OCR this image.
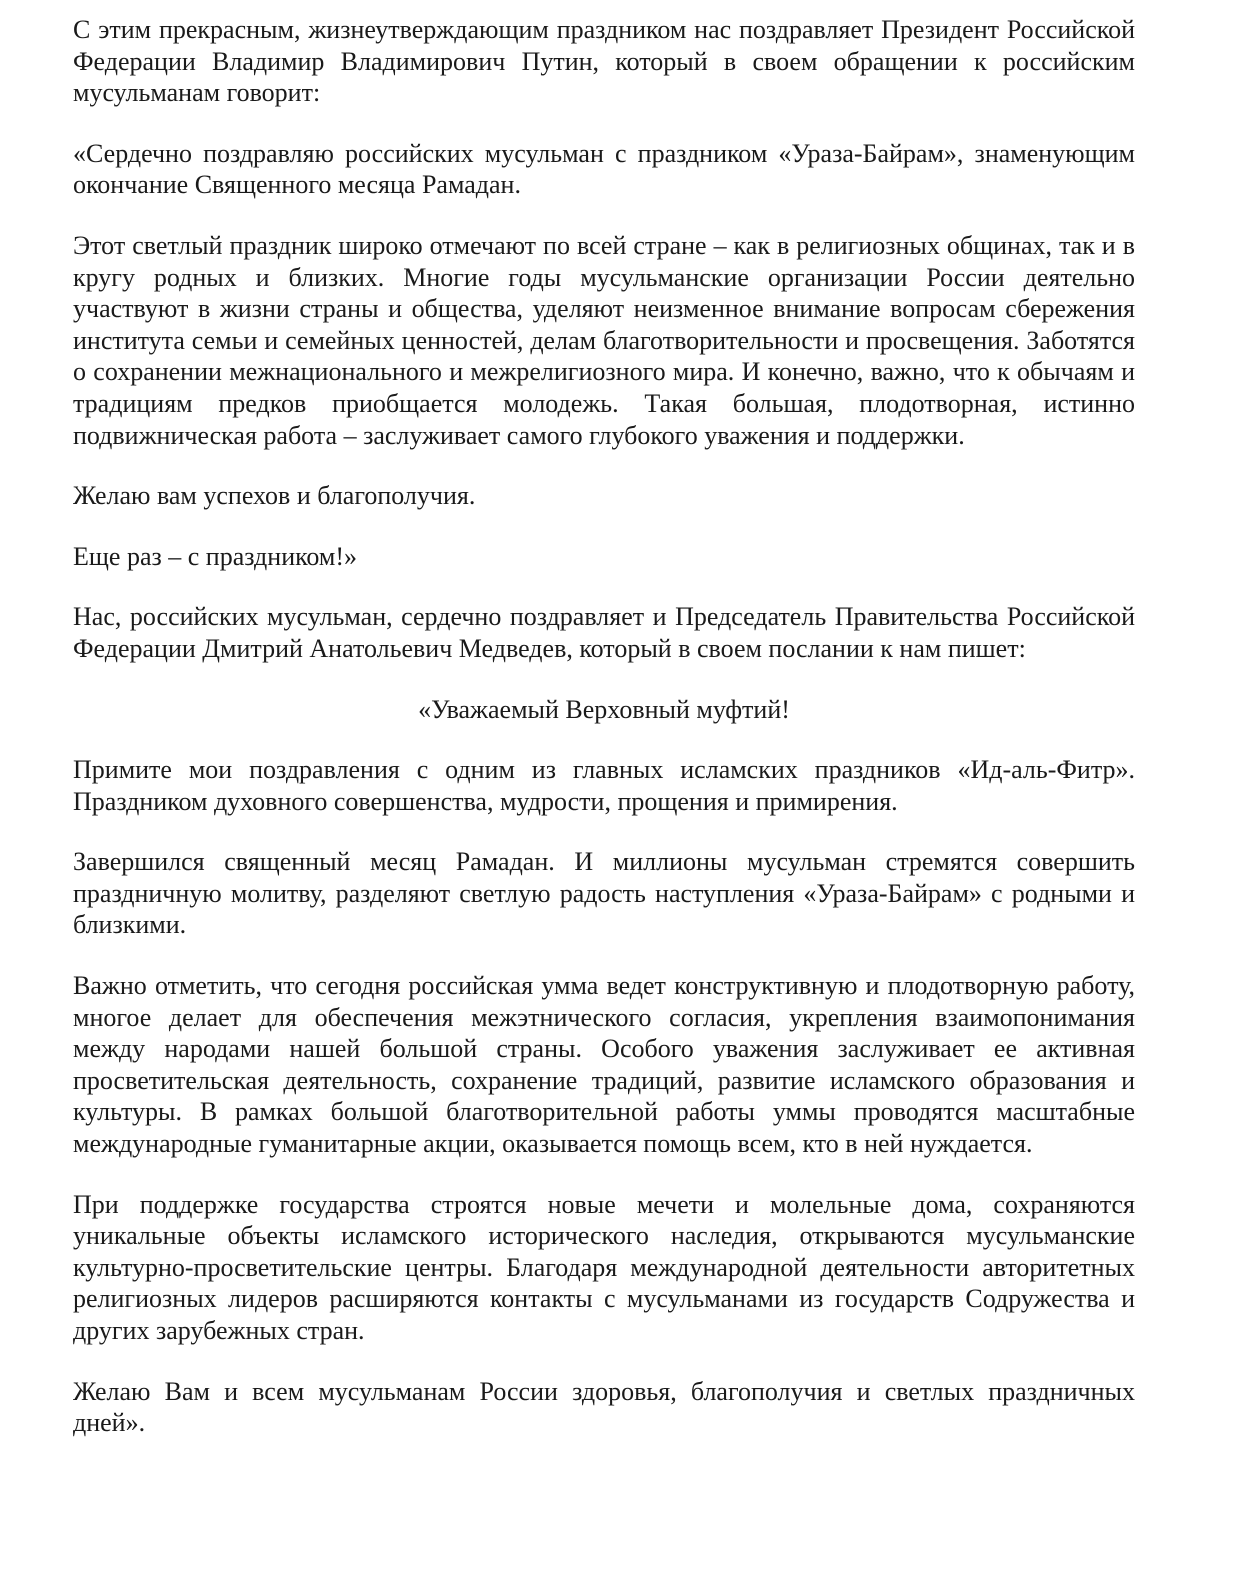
С этим прекрасным, жизнеутверждающим праздником нас поздравляет Президент Российской Федерации Владимир Владимирович Путин, который в своем обращении к российским мусульманам говорит:

«Сердечно поздравляю российских мусульман с праздником «Ураза-Байрам», знаменующим окончание Священного месяца Рамадан.

Этот светлый праздник широко отмечают по всей стране – как в религиозных общинах, так и в кругу родных и близких. Многие годы мусульманские организации России деятельно участвуют в жизни страны и общества, уделяют неизменное внимание вопросам сбережения института семьи и семейных ценностей, делам благотворительности и просвещения. Заботятся о сохранении межнационального и межрелигиозного мира. И конечно, важно, что к обычаям и традициям предков приобщается молодежь. Такая большая, плодотворная, истинно подвижническая работа – заслуживает самого глубокого уважения и поддержки.

Желаю вам успехов и благополучия.

Еще раз – с праздником!»

Нас, российских мусульман, сердечно поздравляет и Председатель Правительства Российской Федерации Дмитрий Анатольевич Медведев, который в своем послании к нам пишет:

«Уважаемый Верховный муфтий!

Примите мои поздравления с одним из главных исламских праздников «Ид-аль-Фитр». Праздником духовного совершенства, мудрости, прощения и примирения.

Завершился священный месяц Рамадан. И миллионы мусульман стремятся совершить праздничную молитву, разделяют светлую радость наступления «Ураза-Байрам» с родными и близкими.

Важно отметить, что сегодня российская умма ведет конструктивную и плодотворную работу, многое делает для обеспечения межэтнического согласия, укрепления взаимопонимания между народами нашей большой страны. Особого уважения заслуживает ее активная просветительская деятельность, сохранение традиций, развитие исламского образования и культуры. В рамках большой благотворительной работы уммы проводятся масштабные международные гуманитарные акции, оказывается помощь всем, кто в ней нуждается.

При поддержке государства строятся новые мечети и молельные дома, сохраняются уникальные объекты исламского исторического наследия, открываются мусульманские культурно-просветительские центры. Благодаря международной деятельности авторитетных религиозных лидеров расширяются контакты с мусульманами из государств Содружества и других зарубежных стран.

Желаю Вам и всем мусульманам России здоровья, благополучия и светлых праздничных дней».
